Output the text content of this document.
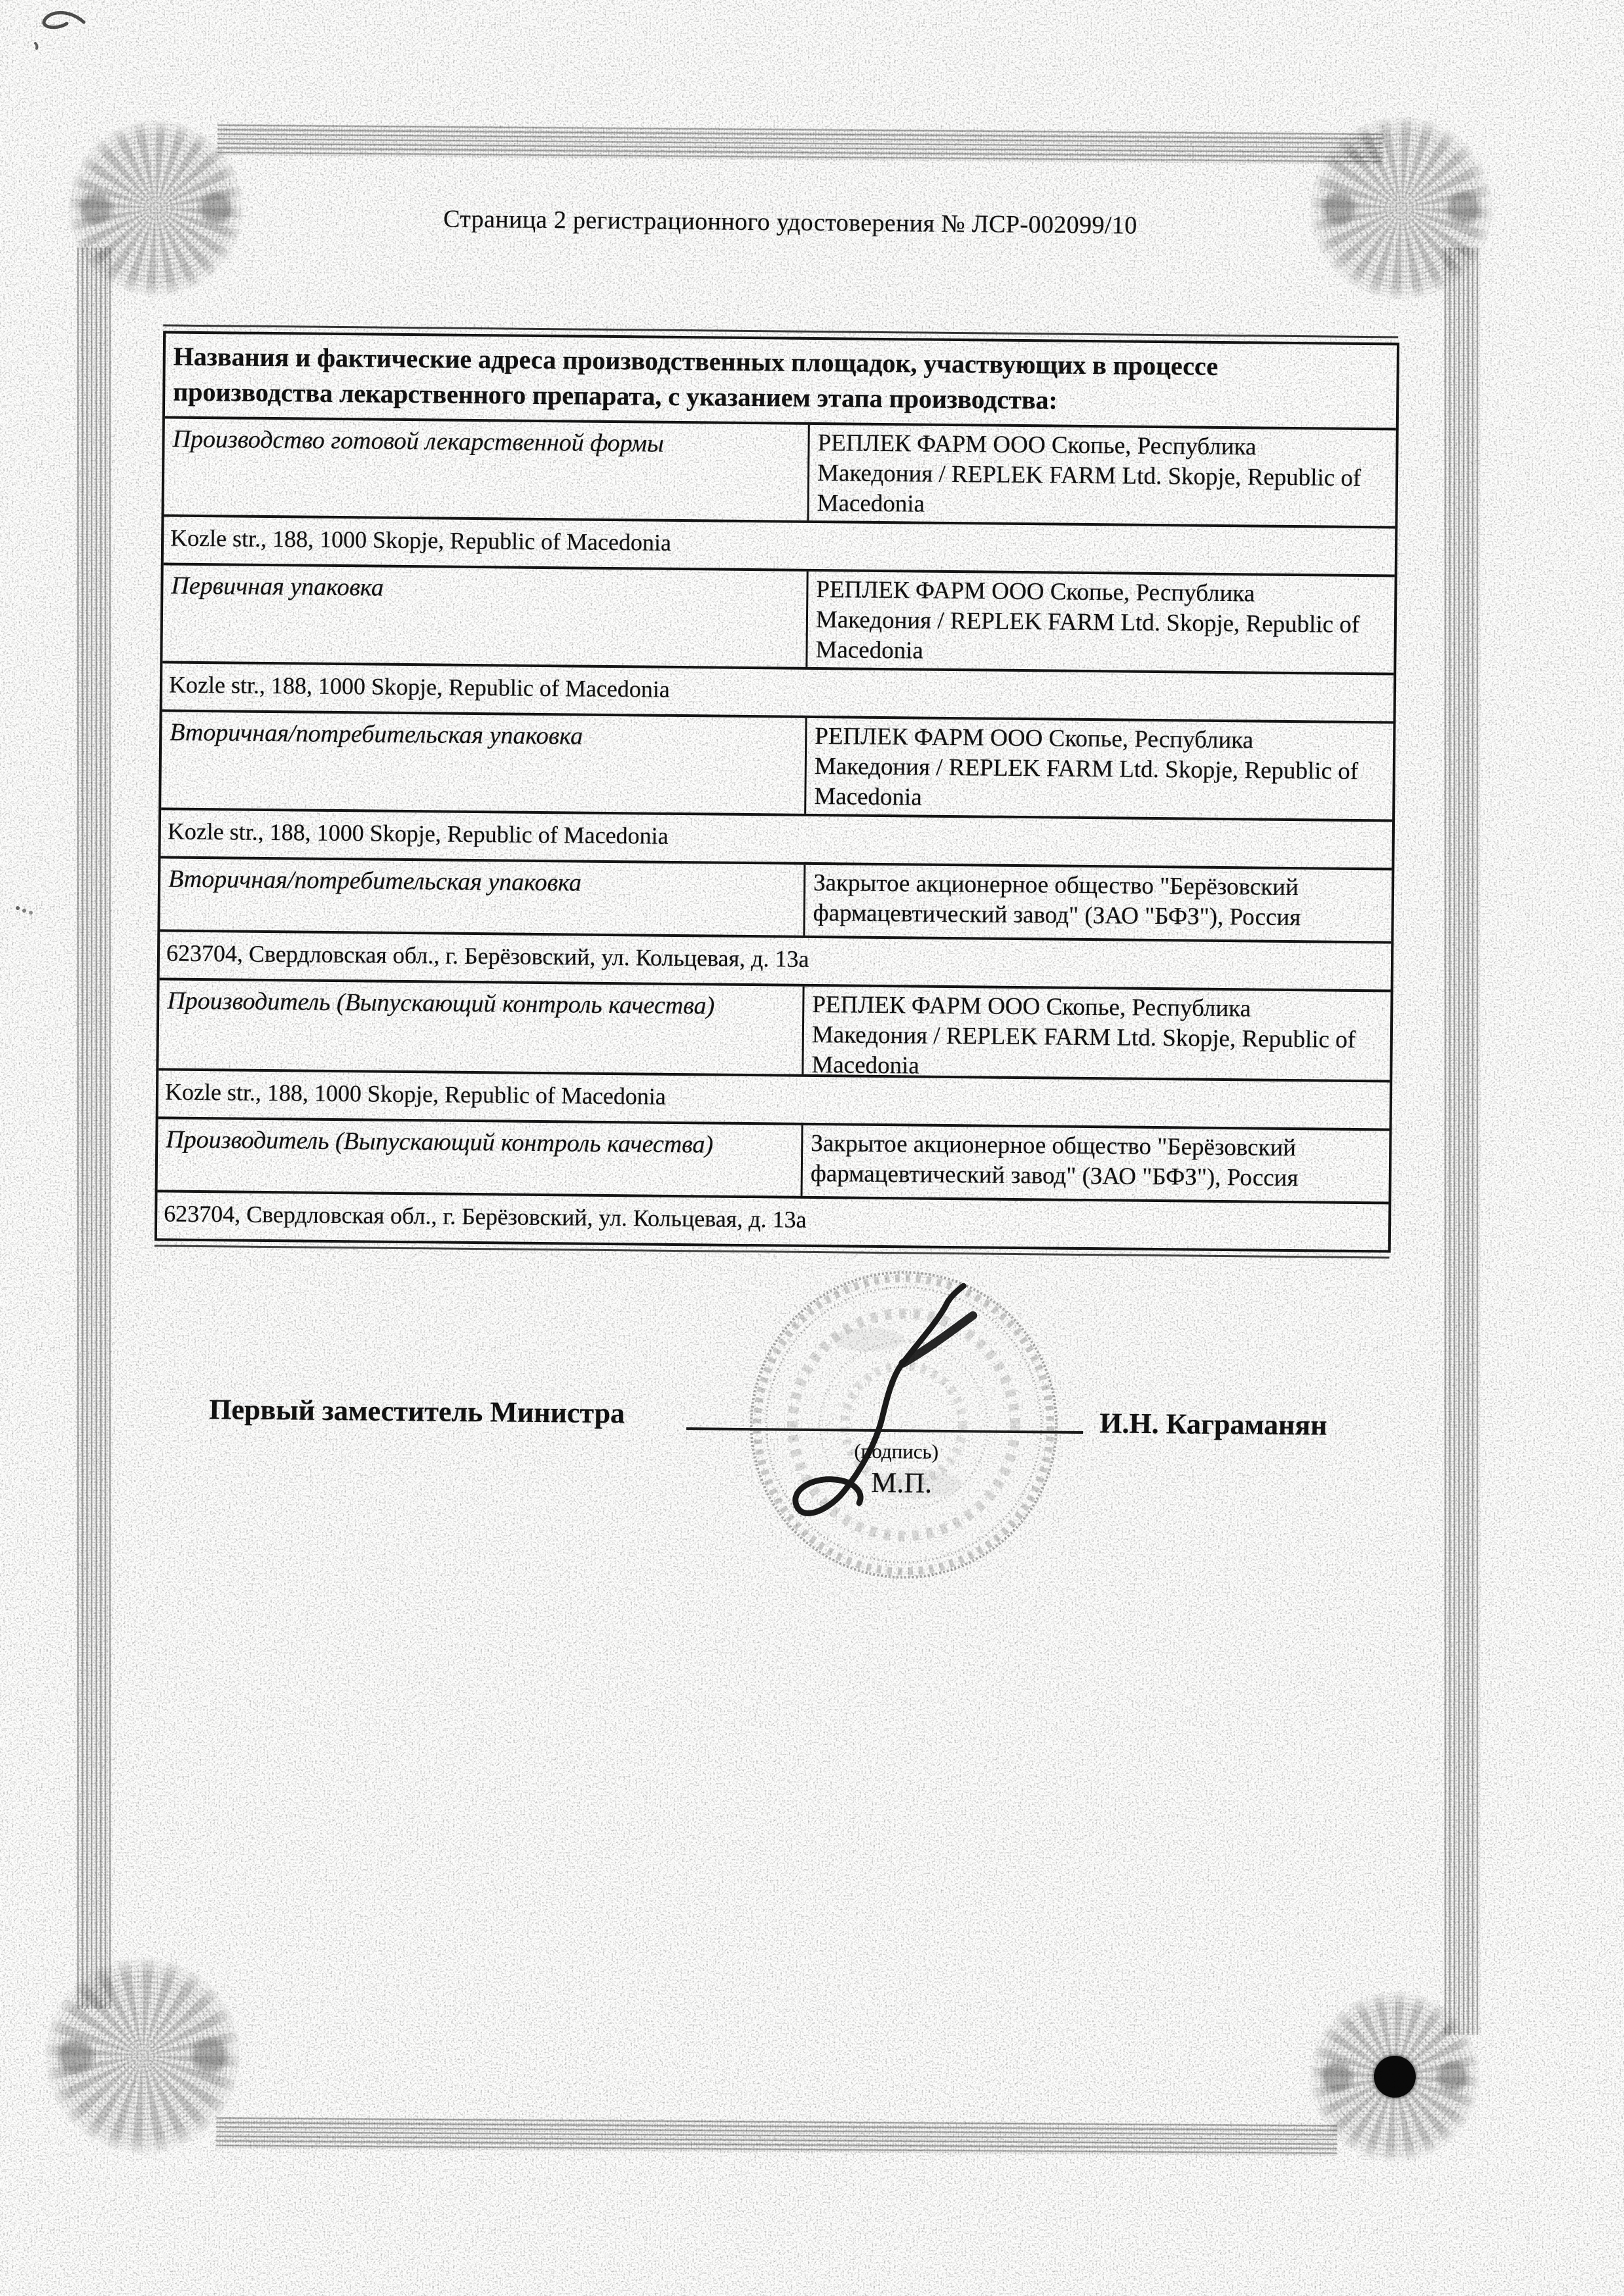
Страница 2 регистрационного удостоверения № ЛСР-002099/10
Названия и фактические адреса производственных площадок, участвующих в процессе
производства лекарственного препарата, с указанием этапа производства:
Производство готовой лекарственной формы	РЕПЛЕК ФАРМ ООО Скопье, Республика
Македония / REPLEK FARM Ltd. Skopje, Republic of
Macedonia
Kozle str., 188, 1000 Skopje, Republic of Macedonia
Первичная упаковка	РЕПЛЕК ФАРМ ООО Скопье, Республика
Македония / REPLEK FARM Ltd. Skopje, Republic of
Macedonia
Kozle str., 188, 1000 Skopje, Republic of Macedonia
Вторичная/потребительская упаковка	РЕПЛЕК ФАРМ ООО Скопье, Республика
Македония / REPLEK FARM Ltd. Skopje, Republic of
Macedonia
Kozle str., 188, 1000 Skopje, Republic of Macedonia
Вторичная/потребительская упаковка	Закрытое акционерное общество "Берёзовский
фармацевтический завод" (ЗАО "БФЗ"), Россия
623704, Свердловская обл., г. Берёзовский, ул. Кольцевая, д. 13а
Производитель (Выпускающий контроль качества)	РЕПЛЕК ФАРМ ООО Скопье, Республика
Македония / REPLEK FARM Ltd. Skopje, Republic of
Macedonia
Kozle str., 188, 1000 Skopje, Republic of Macedonia
Производитель (Выпускающий контроль качества)	Закрытое акционерное общество "Берёзовский
фармацевтический завод" (ЗАО "БФЗ"), Россия
623704, Свердловская обл., г. Берёзовский, ул. Кольцевая, д. 13а
Первый заместитель Министра	И.Н. Каграманян
(подпись)
М.П.
